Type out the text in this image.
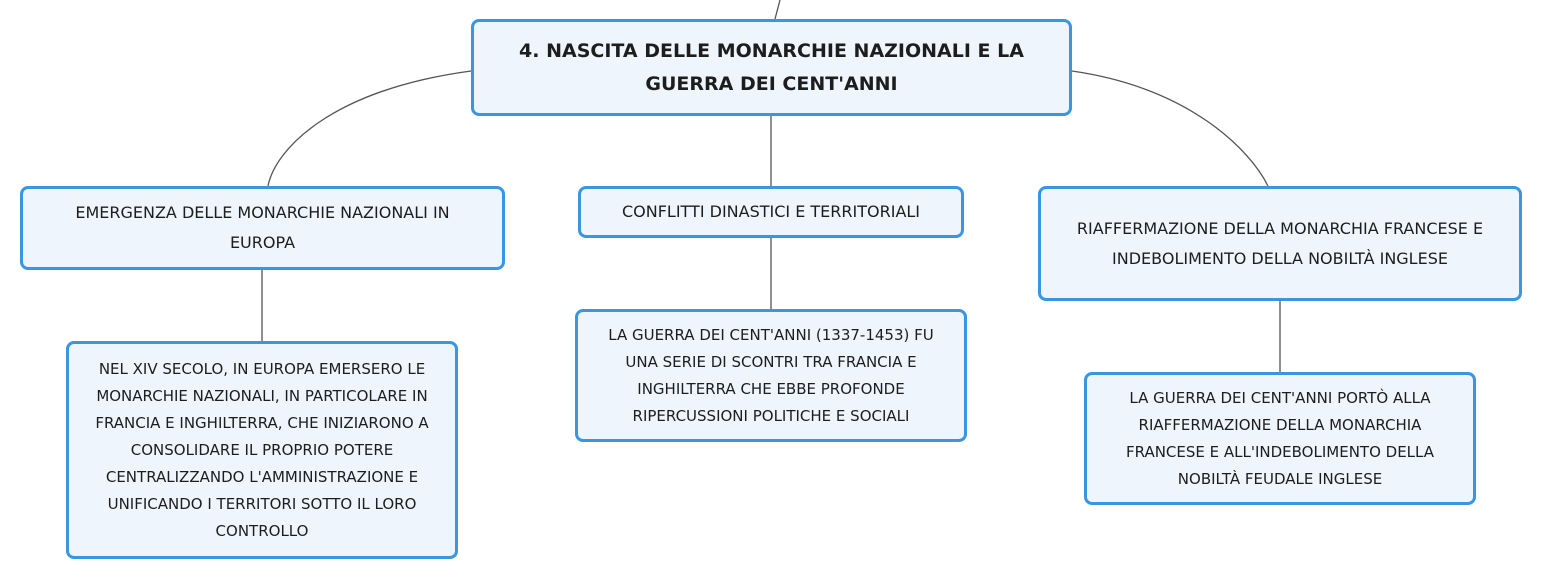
4. NASCITA DELLE MONARCHIE NAZIONALI E LA GUERRA DEI CENT'ANNI
EMERGENZA DELLE MONARCHIE NAZIONALI IN EUROPA
CONFLITTI DINASTICI E TERRITORIALI
RIAFFERMAZIONE DELLA MONARCHIA FRANCESE E INDEBOLIMENTO DELLA NOBILTÀ INGLESE
NEL XIV SECOLO, IN EUROPA EMERSERO LE MONARCHIE NAZIONALI, IN PARTICOLARE IN FRANCIA E INGHILTERRA, CHE INIZIARONO A CONSOLIDARE IL PROPRIO POTERE CENTRALIZZANDO L'AMMINISTRAZIONE E UNIFICANDO I TERRITORI SOTTO IL LORO CONTROLLO
LA GUERRA DEI CENT'ANNI (1337-1453) FU UNA SERIE DI SCONTRI TRA FRANCIA E INGHILTERRA CHE EBBE PROFONDE RIPERCUSSIONI POLITICHE E SOCIALI
LA GUERRA DEI CENT'ANNI PORTÒ ALLA RIAFFERMAZIONE DELLA MONARCHIA FRANCESE E ALL'INDEBOLIMENTO DELLA NOBILTÀ FEUDALE INGLESE
